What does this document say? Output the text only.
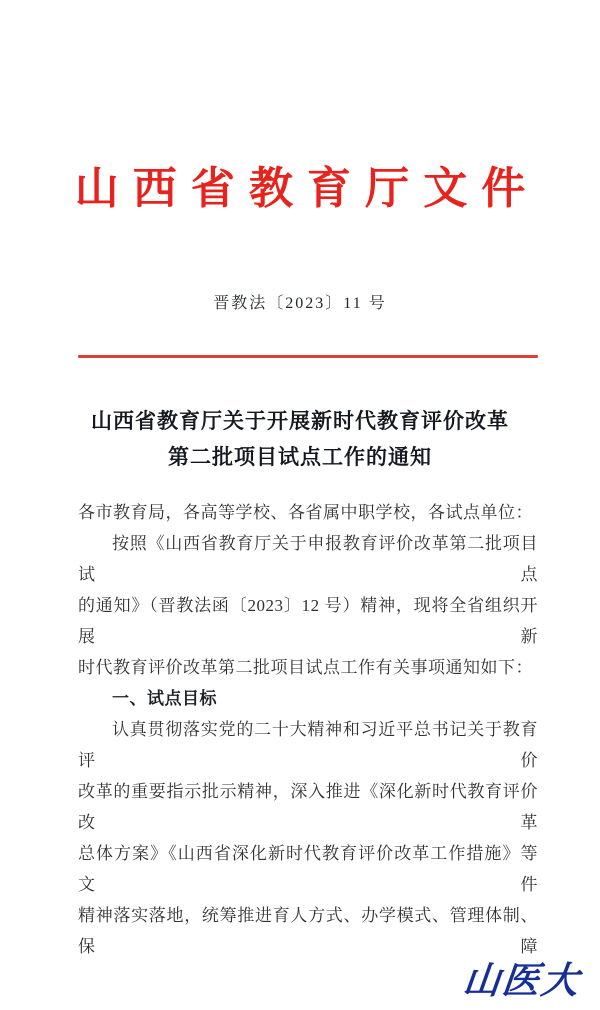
山西省教育厅文件
晋教法〔2023〕11 号
山西省教育厅关于开展新时代教育评价改革
第二批项目试点工作的通知
各市教育局，各高等学校、各省属中职学校，各试点单位：
按照《山西省教育厅关于申报教育评价改革第二批项目试点
的通知》（晋教法函〔2023〕12 号）精神，现将全省组织开展新
时代教育评价改革第二批项目试点工作有关事项通知如下：
一、试点目标
认真贯彻落实党的二十大精神和习近平总书记关于教育评价
改革的重要指示批示精神，深入推进《深化新时代教育评价改革
总体方案》《山西省深化新时代教育评价改革工作措施》等文件
精神落实落地，统筹推进育人方式、办学模式、管理体制、保障
山医大
